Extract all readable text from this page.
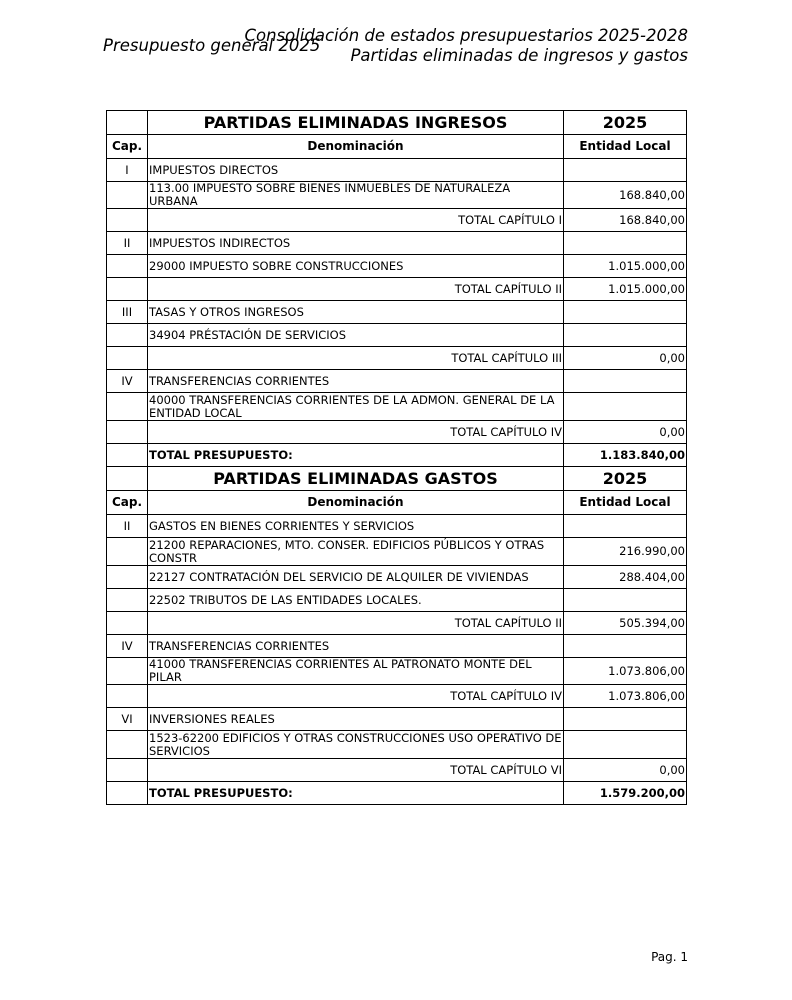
Presupuesto general 2025
Consolidación de estados presupuestarios 2025-2028
Partidas eliminadas de ingresos y gastos
	PARTIDAS ELIMINADAS INGRESOS	2025
Cap.	Denominación	Entidad Local
I	IMPUESTOS DIRECTOS	
	113.00 IMPUESTO SOBRE BIENES INMUEBLES DE NATURALEZA URBANA	168.840,00
	TOTAL CAPÍTULO I	168.840,00
II	IMPUESTOS INDIRECTOS	
	29000 IMPUESTO SOBRE CONSTRUCCIONES	1.015.000,00
	TOTAL CAPÍTULO II	1.015.000,00
III	TASAS Y OTROS INGRESOS	
	34904 PRÉSTACIÓN DE SERVICIOS	
	TOTAL CAPÍTULO III	0,00
IV	TRANSFERENCIAS CORRIENTES	
	40000 TRANSFERENCIAS CORRIENTES DE LA ADMON. GENERAL DE LA ENTIDAD LOCAL	
	TOTAL CAPÍTULO IV	0,00
	TOTAL PRESUPUESTO:	1.183.840,00
	PARTIDAS ELIMINADAS GASTOS	2025
Cap.	Denominación	Entidad Local
II	GASTOS EN BIENES CORRIENTES Y SERVICIOS	
	21200 REPARACIONES, MTO. CONSER. EDIFICIOS PÚBLICOS Y OTRAS CONSTR	216.990,00
	22127 CONTRATACIÓN DEL SERVICIO DE ALQUILER DE VIVIENDAS	288.404,00
	22502 TRIBUTOS DE LAS ENTIDADES LOCALES.	
	TOTAL CAPÍTULO II	505.394,00
IV	TRANSFERENCIAS CORRIENTES	
	41000 TRANSFERENCIAS CORRIENTES AL PATRONATO MONTE DEL PILAR	1.073.806,00
	TOTAL CAPÍTULO IV	1.073.806,00
VI	INVERSIONES REALES	
	1523-62200 EDIFICIOS Y OTRAS CONSTRUCCIONES USO OPERATIVO DE SERVICIOS	
	TOTAL CAPÍTULO VI	0,00
	TOTAL PRESUPUESTO:	1.579.200,00
Pag. 1
